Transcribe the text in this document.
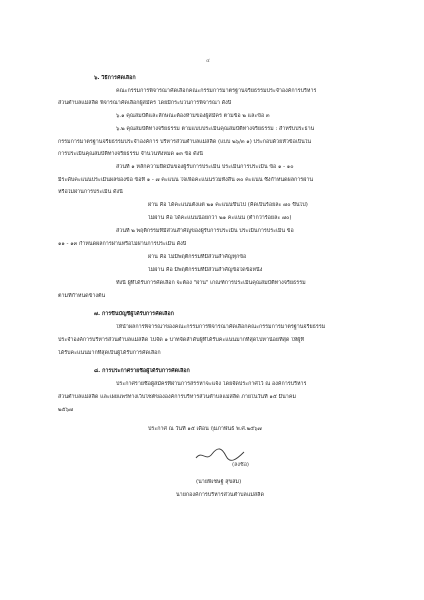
๔
๖. วิธีการคัดเลือก
คณะกรรมการพิจารณาคัดเลือกคณะกรรมการมาตรฐานจริยธรรมประจำองค์การบริหาร
ส่วนตำบลแม่สลิด พิจารณาคัดเลือกผู้สมัคร โดยมีกระบวนการพิจารณา ดังนี้
๖.๑ คุณสมบัติและลักษณะต้องห้ามของผู้สมัคร ตามข้อ ๒ และข้อ ๓
๖.๒ คุณสมบัติทางจริยธรรม ตามแบบประเมินคุณสมบัติทางจริยธรรม : สำหรับประธาน
กรรมการมาตรฐานจริยธรรมประจำองค์การ บริหารส่วนตำบลแม่สลิด (แบบ ๒๖/๓ ๑) ประกอบด้วยหัวข้อเป็นใน
การประเมินคุณสมบัติทางจริยธรรม จำนวนทั้งหมด ๑๓ ข้อ ดังนี้
ส่วนที่ ๑ หลักความยึดมั่นของผู้รับการประเมิน ประเมินการประเมิน ข้อ ๑ - ๑๐
มีระดับคะแนนประเมินผลของข้อ ข้อที่ ๑ - ๗ คะแนน ใจเพื่อคะแนนรวมทั้งสิ้น ๓๐ คะแนน ซึ่งกำหนดผลการผ่าน
หรือไม่ผ่านการประเมิน ดังนี้
ผ่าน คือ ได้คะแนนตั้งแต่ ๒๑ คะแนนขึ้นไป (คิดเป็นร้อยละ ๗๐ ขึ้นไป)
ไม่ผ่าน คือ ได้คะแนนน้อยกว่า ๒๑ คะแนน (ต่ำกว่าร้อยละ ๗๐)
ส่วนที่ ๒ พฤติกรรมที่มีส่วนสำคัญของผู้รับการประเมิน ประเมินการประเมิน ข้อ
๑๑ - ๑๓ กำหนดผลการผ่านหรือไม่ผ่านการประเมิน ดังนี้
ผ่าน คือ ไม่มีพฤติกรรมที่มีส่วนสำคัญทุกข้อ
ไม่ผ่าน คือ มีพฤติกรรมที่มีส่วนสำคัญข้อใดข้อหนึ่ง
ทั้งนี้ ผู้ที่ได้รับการคัดเลือก จะต้อง "ผ่าน" เกณฑ์การประเมินคุณสมบัติทางจริยธรรม
ตามที่กำหนดข้างต้น
๗. การขึ้นบัญชีผู้ได้รับการคัดเลือก
ให้นำผลการพิจารณาของคณะกรรมการพิจารณาคัดเลือกคณะกรรมการมาตรฐานจริยธรรม
ประจำองค์การบริหารส่วนตำบลแม่สลิด ไปจัด ๑ บาทจัดลำดับผู้ที่ได้รับคะแนนมากที่สุดไปหาน้อยที่สุด ให้ผู้ที่
ได้รับคะแนนมากที่สุดเป็นผู้ได้รับการคัดเลือก
๘. การประกาศรายชื่อผู้ได้รับการคัดเลือก
ประกาศรายชื่อผู้สมัครที่ผ่านการสรรหาจะแจ้ง โดยจัดประกาศไว้ ณ องค์การบริหาร
ส่วนตำบลแม่สลิด และเผยแพร่ทางเว็บไซต์ขององค์การบริหารส่วนตำบลแม่สลิด ภายในวันที่ ๑๕ มีนาคม
๒๕๖๗
ประกาศ ณ วันที่ ๑๕ เดือน กุมภาพันธ์ พ.ศ.๒๕๖๗
(ลงชื่อ)
(นายพิเชษฐ์ สุขสม)
นายกองค์การบริหารส่วนตำบลแม่สลิด
